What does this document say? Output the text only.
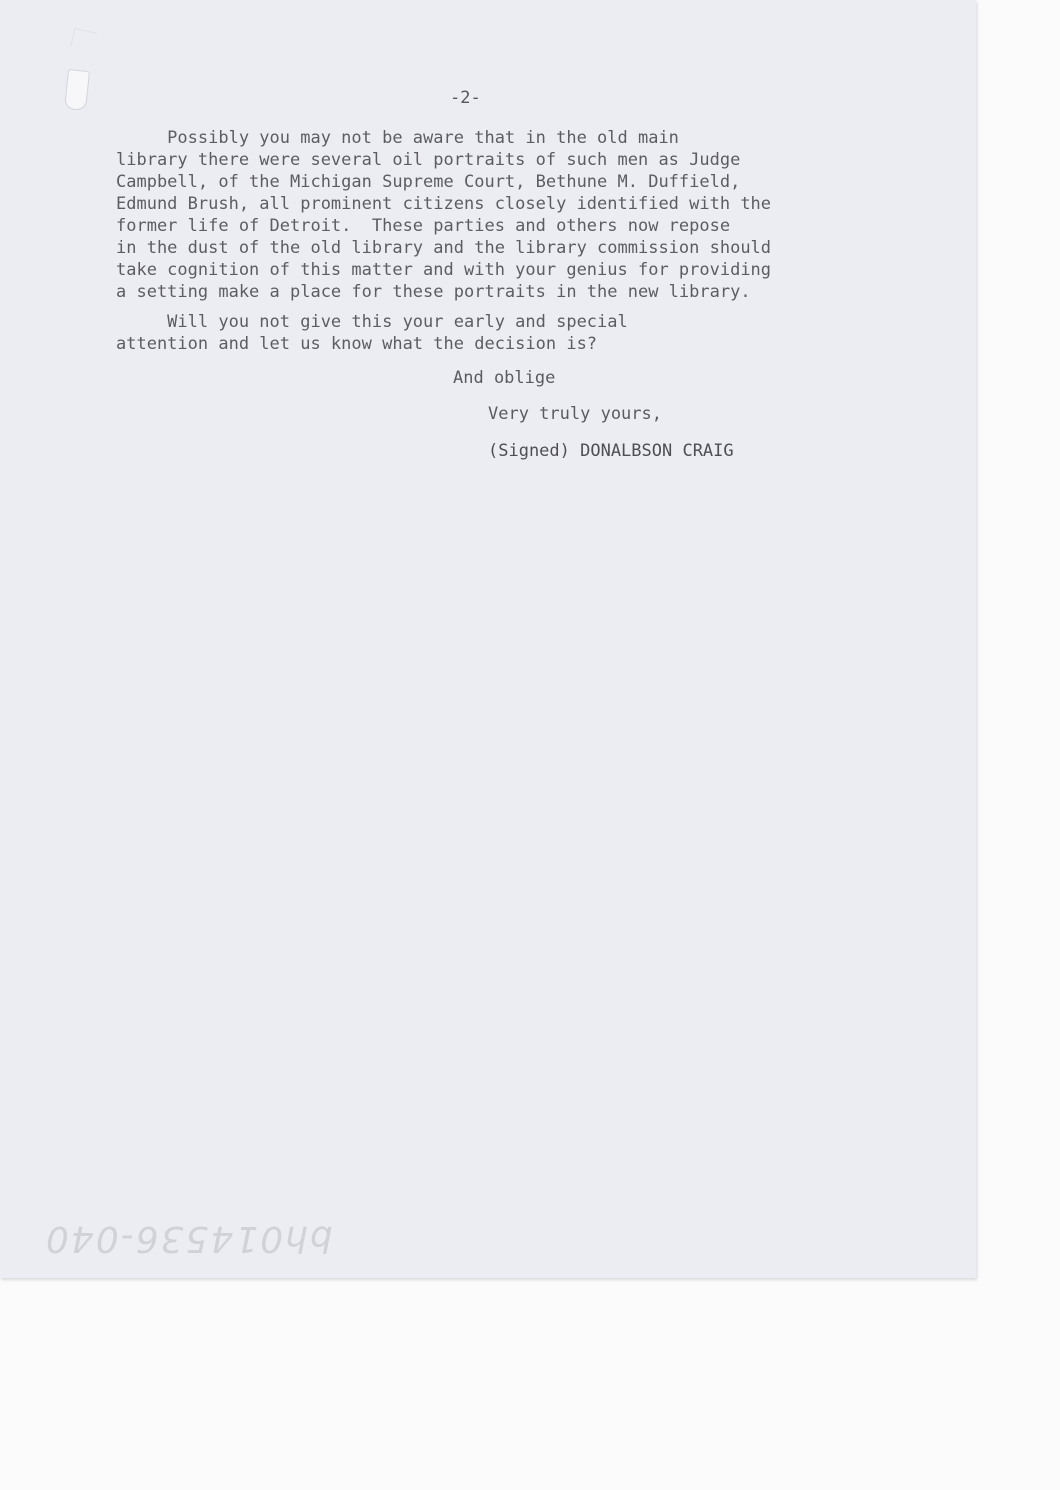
-2-

Possibly you may not be aware that in the old main

library there were several oil portraits of such men as Judge

Campbell, of the Michigan Supreme Court, Bethune M. Duffield,

Edmund Brush, all prominent citizens closely identified with the

former life of Detroit.  These parties and others now repose

in the dust of the old library and the library commission should

take cognition of this matter and with your genius for providing

a setting make a place for these portraits in the new library.

Will you not give this your early and special

attention and let us know what the decision is?

And oblige

Very truly yours,

(Signed) DONALBSON CRAIG

bh014536-040
